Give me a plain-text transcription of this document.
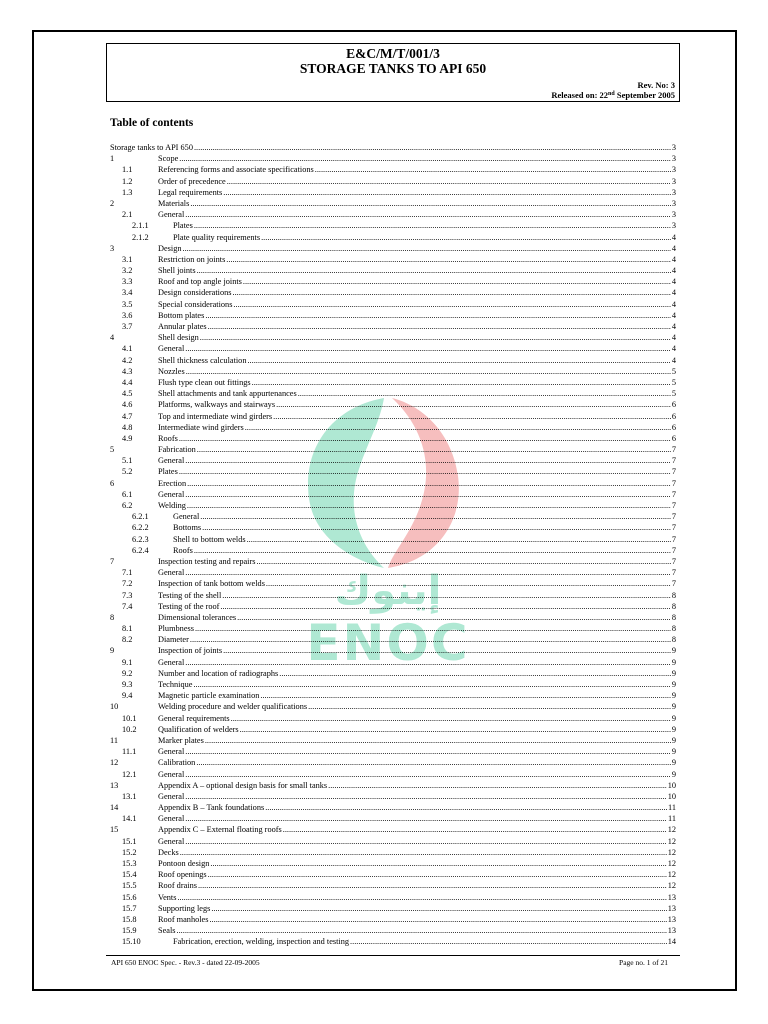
E&C/M/T/001/3
STORAGE TANKS TO API 650
Rev. No: 3
Released on: 22nd September 2005
Table of contents
إينوك
ENOC
Storage tanks to API 650 .....	3
1	Scope .....	3
1.1	Referencing forms and associate specifications .....	3
1.2	Order of precedence .....	3
1.3	Legal requirements .....	3
2	Materials .....	3
2.1	General .....	3
2.1.1	Plates .....	3
2.1.2	Plate quality requirements .....	4
3	Design .....	4
3.1	Restriction on joints .....	4
3.2	Shell joints .....	4
3.3	Roof and top angle joints .....	4
3.4	Design considerations .....	4
3.5	Special considerations .....	4
3.6	Bottom plates .....	4
3.7	Annular plates .....	4
4	Shell design .....	4
4.1	General .....	4
4.2	Shell thickness calculation .....	4
4.3	Nozzles .....	5
4.4	Flush type clean out fittings .....	5
4.5	Shell attachments and tank appurtenances .....	5
4.6	Platforms, walkways and stairways .....	6
4.7	Top and intermediate wind girders .....	6
4.8	Intermediate wind girders .....	6
4.9	Roofs .....	6
5	Fabrication .....	7
5.1	General .....	7
5.2	Plates .....	7
6	Erection .....	7
6.1	General .....	7
6.2	Welding .....	7
6.2.1	General .....	7
6.2.2	Bottoms .....	7
6.2.3	Shell to bottom welds .....	7
6.2.4	Roofs .....	7
7	Inspection testing and repairs .....	7
7.1	General .....	7
7.2	Inspection of tank bottom welds .....	7
7.3	Testing of the shell .....	8
7.4	Testing of the roof .....	8
8	Dimensional tolerances .....	8
8.1	Plumbness .....	8
8.2	Diameter .....	8
9	Inspection of joints .....	9
9.1	General .....	9
9.2	Number and location of radiographs .....	9
9.3	Technique .....	9
9.4	Magnetic particle examination .....	9
10	Welding procedure and welder qualifications .....	9
10.1	General requirements .....	9
10.2	Qualification of welders .....	9
11	Marker plates .....	9
11.1	General .....	9
12	Calibration .....	9
12.1	General .....	9
13	Appendix A – optional design basis for small tanks .....	10
13.1	General .....	10
14	Appendix B – Tank foundations .....	11
14.1	General .....	11
15	Appendix C – External floating roofs .....	12
15.1	General .....	12
15.2	Decks .....	12
15.3	Pontoon design .....	12
15.4	Roof openings .....	12
15.5	Roof drains .....	12
15.6	Vents .....	13
15.7	Supporting legs .....	13
15.8	Roof manholes .....	13
15.9	Seals .....	13
15.10	Fabrication, erection, welding, inspection and testing .....	14
API 650 ENOC Spec. - Rev.3 - dated 22-09-2005	Page no. 1 of 21
